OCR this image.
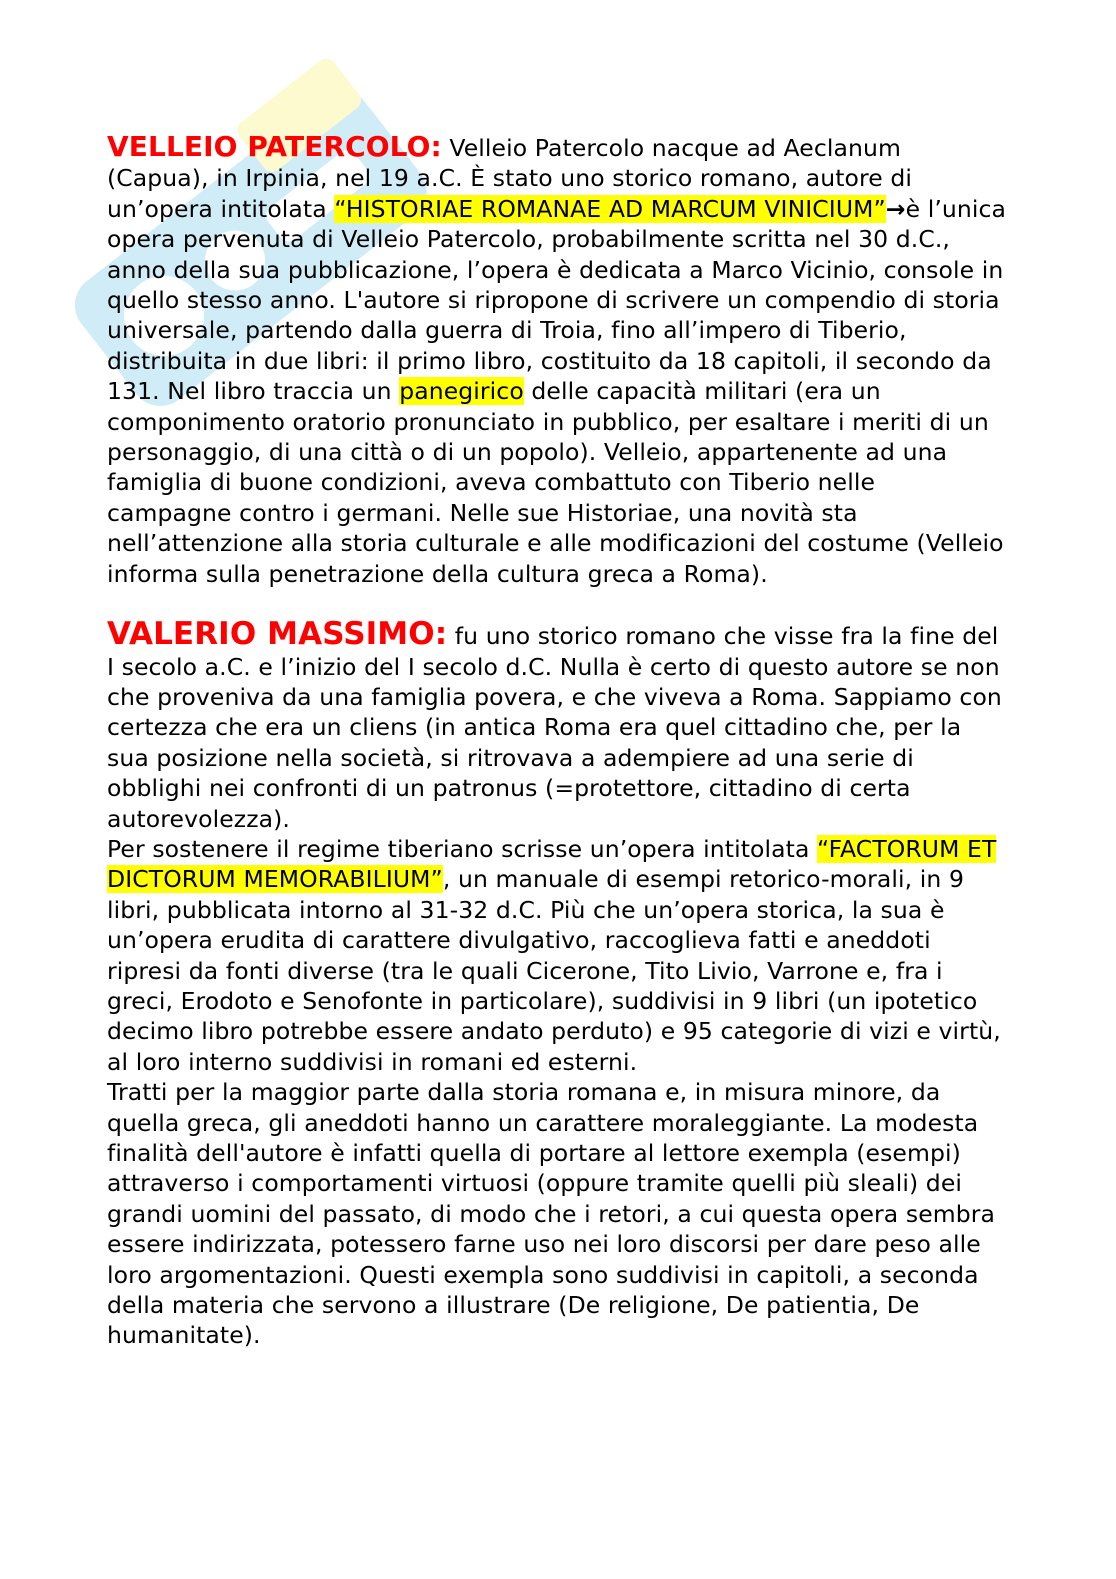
VELLEIO PATERCOLO: Velleio Patercolo nacque ad Aeclanum (Capua), in Irpinia, nel 19 a.C. È stato uno storico romano, autore di un’opera intitolata “HISTORIAE ROMANAE AD MARCUM VINICIUM”→è l’unica opera pervenuta di Velleio Patercolo, probabilmente scritta nel 30 d.C., anno della sua pubblicazione, l’opera è dedicata a Marco Vicinio, console in quello stesso anno. L'autore si ripropone di scrivere un compendio di storia universale, partendo dalla guerra di Troia, fino all’impero di Tiberio, distribuita in due libri: il primo libro, costituito da 18 capitoli, il secondo da 131. Nel libro traccia un panegirico delle capacità militari (era un componimento oratorio pronunciato in pubblico, per esaltare i meriti di un personaggio, di una città o di un popolo). Velleio, appartenente ad una famiglia di buone condizioni, aveva combattuto con Tiberio nelle campagne contro i germani. Nelle sue Historiae, una novità sta nell’attenzione alla storia culturale e alle modificazioni del costume (Velleio informa sulla penetrazione della cultura greca a Roma).

VALERIO MASSIMO: fu uno storico romano che visse fra la fine del I secolo a.C. e l’inizio del I secolo d.C. Nulla è certo di questo autore se non che proveniva da una famiglia povera, e che viveva a Roma. Sappiamo con certezza che era un cliens (in antica Roma era quel cittadino che, per la sua posizione nella società, si ritrovava a adempiere ad una serie di obblighi nei confronti di un patronus (=protettore, cittadino di certa autorevolezza).

Per sostenere il regime tiberiano scrisse un’opera intitolata “FACTORUM ET DICTORUM MEMORABILIUM”, un manuale di esempi retorico-morali, in 9 libri, pubblicata intorno al 31-32 d.C. Più che un’opera storica, la sua è un’opera erudita di carattere divulgativo, raccoglieva fatti e aneddoti ripresi da fonti diverse (tra le quali Cicerone, Tito Livio, Varrone e, fra i greci, Erodoto e Senofonte in particolare), suddivisi in 9 libri (un ipotetico decimo libro potrebbe essere andato perduto) e 95 categorie di vizi e virtù, al loro interno suddivisi in romani ed esterni.

Tratti per la maggior parte dalla storia romana e, in misura minore, da quella greca, gli aneddoti hanno un carattere moraleggiante. La modesta finalità dell'autore è infatti quella di portare al lettore exempla (esempi) attraverso i comportamenti virtuosi (oppure tramite quelli più sleali) dei grandi uomini del passato, di modo che i retori, a cui questa opera sembra essere indirizzata, potessero farne uso nei loro discorsi per dare peso alle loro argomentazioni. Questi exempla sono suddivisi in capitoli, a seconda della materia che servono a illustrare (De religione, De patientia, De humanitate).
